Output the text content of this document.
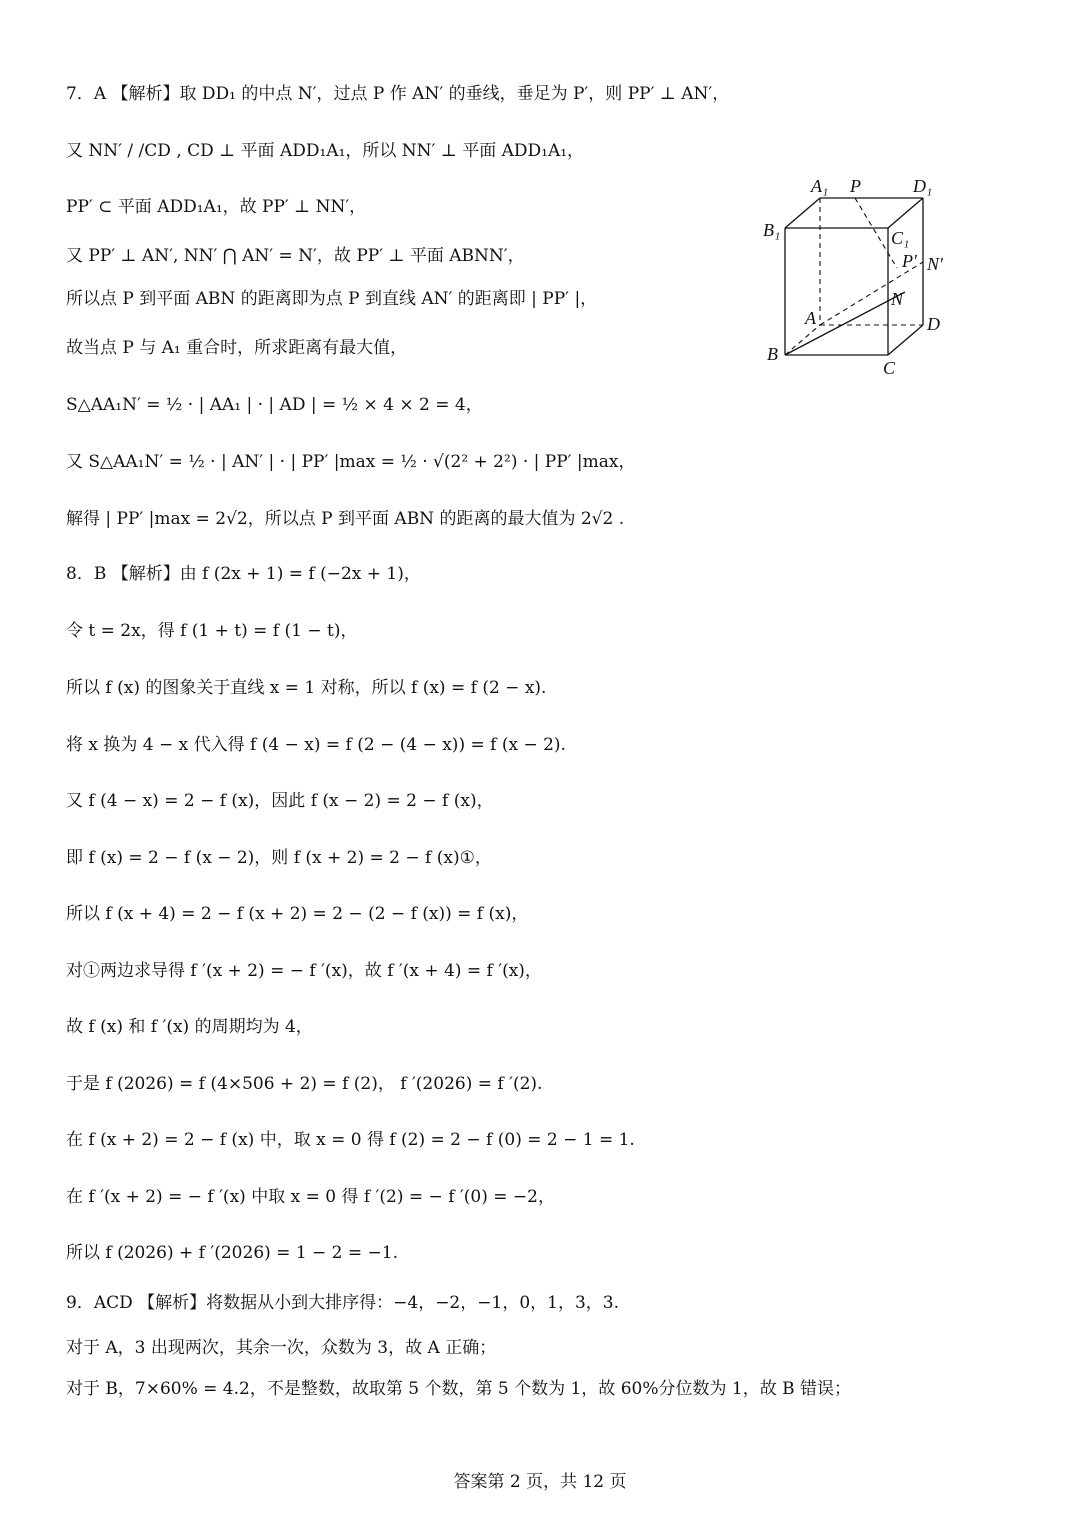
7．A 【解析】取 DD₁ 的中点 N′，过点 P 作 AN′ 的垂线，垂足为 P′，则 PP′ ⊥ AN′，
又 NN′ / /CD , CD ⊥ 平面 ADD₁A₁，所以 NN′ ⊥ 平面 ADD₁A₁，
PP′ ⊂ 平面 ADD₁A₁，故 PP′ ⊥ NN′，
又 PP′ ⊥ AN′, NN′ ⋂ AN′ = N′，故 PP′ ⊥ 平面 ABNN′，
所以点 P 到平面 ABN 的距离即为点 P 到直线 AN′ 的距离即 | PP′ |，
故当点 P 与 A₁ 重合时，所求距离有最大值，
S△AA₁N′ = ½ · | AA₁ | · | AD | = ½ × 4 × 2 = 4，
又 S△AA₁N′ = ½ · | AN′ | · | PP′ |max = ½ · √(2² + 2²) · | PP′ |max，
解得 | PP′ |max = 2√2，所以点 P 到平面 ABN 的距离的最大值为 2√2 .
8．B 【解析】由 f (2x + 1) = f (−2x + 1)，
令 t = 2x，得 f (1 + t) = f (1 − t)，
所以 f (x) 的图象关于直线 x = 1 对称，所以 f (x) = f (2 − x).
将 x 换为 4 − x 代入得 f (4 − x) = f (2 − (4 − x)) = f (x − 2).
又 f (4 − x) = 2 − f (x)，因此 f (x − 2) = 2 − f (x)，
即 f (x) = 2 − f (x − 2)，则 f (x + 2) = 2 − f (x)①，
所以 f (x + 4) = 2 − f (x + 2) = 2 − (2 − f (x)) = f (x)，
对①两边求导得 f ′(x + 2) = − f ′(x)，故 f ′(x + 4) = f ′(x)，
故 f (x) 和 f ′(x) 的周期均为 4，
于是 f (2026) = f (4×506 + 2) = f (2)， f ′(2026) = f ′(2).
在 f (x + 2) = 2 − f (x) 中，取 x = 0 得 f (2) = 2 − f (0) = 2 − 1 = 1.
在 f ′(x + 2) = − f ′(x) 中取 x = 0 得 f ′(2) = − f ′(0) = −2，
所以 f (2026) + f ′(2026) = 1 − 2 = −1.
9．ACD 【解析】将数据从小到大排序得：−4，−2，−1，0，1，3，3.
对于 A，3 出现两次，其余一次，众数为 3，故 A 正确；
对于 B，7×60% = 4.2，不是整数，故取第 5 个数，第 5 个数为 1，故 60%分位数为 1，故 B 错误；
A₁ P	D₁
B₁	C₁
P′ N′
A
N
D
B
C
答案第 2 页，共 12 页
